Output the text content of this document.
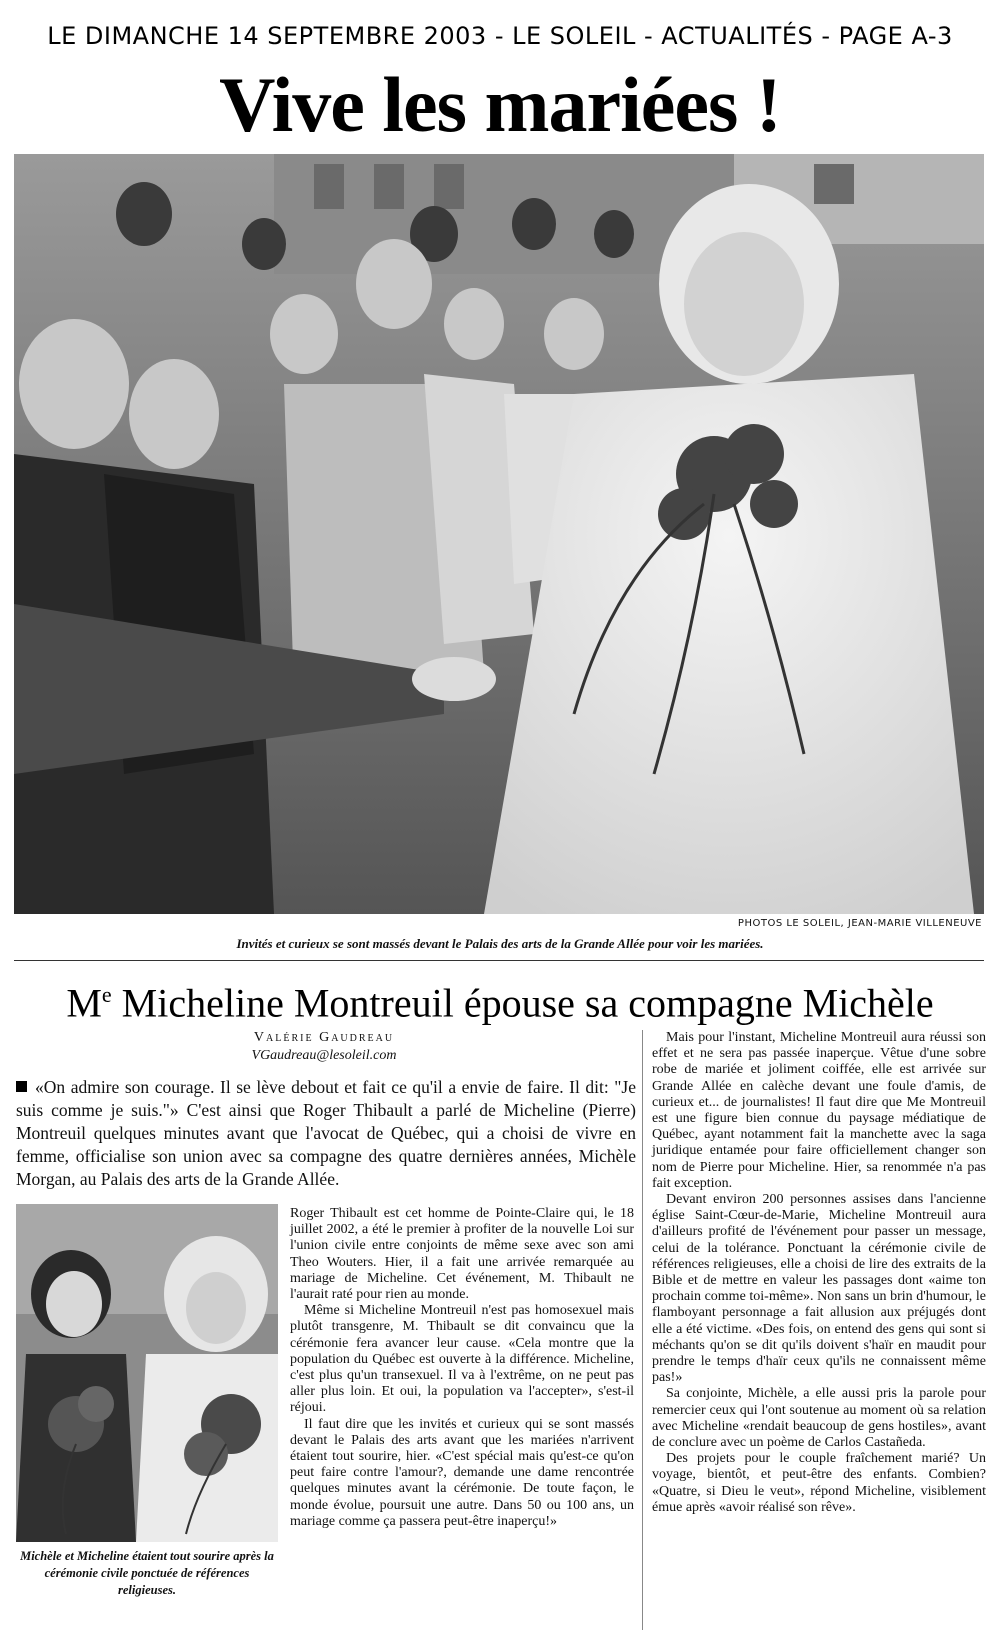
LE DIMANCHE 14 SEPTEMBRE 2003 - LE SOLEIL - ACTUALITÉS - PAGE A-3
Vive les mariées !
PHOTOS LE SOLEIL, JEAN-MARIE VILLENEUVE
Invités et curieux se sont massés devant le Palais des arts de la Grande Allée pour voir les mariées.
Me Micheline Montreuil épouse sa compagne Michèle
Valérie Gaudreau
VGaudreau@lesoleil.com
«On admire son courage. Il se lève debout et fait ce qu'il a envie de faire. Il dit: "Je suis comme je suis."» C'est ainsi que Roger Thibault a parlé de Micheline (Pierre) Montreuil quelques minutes avant que l'avocat de Québec, qui a choisi de vivre en femme, officialise son union avec sa compagne des quatre dernières années, Michèle Morgan, au Palais des arts de la Grande Allée.
Michèle et Micheline étaient tout sourire après la cérémonie civile ponctuée de références religieuses.

Roger Thibault est cet homme de Pointe-Claire qui, le 18 juillet 2002, a été le premier à profiter de la nouvelle Loi sur l'union civile entre conjoints de même sexe avec son ami Theo Wouters. Hier, il a fait une arrivée remarquée au mariage de Micheline. Cet événement, M. Thibault ne l'aurait raté pour rien au monde.

Même si Micheline Montreuil n'est pas homosexuel mais plutôt transgenre, M. Thibault se dit convaincu que la cérémonie fera avancer leur cause. «Cela montre que la population du Québec est ouverte à la différence. Micheline, c'est plus qu'un transexuel. Il va à l'extrême, on ne peut pas aller plus loin. Et oui, la population va l'accepter», s'est-il réjoui.

Il faut dire que les invités et curieux qui se sont massés devant le Palais des arts avant que les mariées n'arrivent étaient tout sourire, hier. «C'est spécial mais qu'est-ce qu'on peut faire contre l'amour?, demande une dame rencontrée quelques minutes avant la cérémonie. De toute façon, le monde évolue, poursuit une autre. Dans 50 ou 100 ans, un mariage comme ça passera peut-être inaperçu!»

Mais pour l'instant, Micheline Montreuil aura réussi son effet et ne sera pas passée inaperçue. Vêtue d'une sobre robe de mariée et joliment coiffée, elle est arrivée sur Grande Allée en calèche devant une foule d'amis, de curieux et... de journalistes! Il faut dire que Me Montreuil est une figure bien connue du paysage médiatique de Québec, ayant notamment fait la manchette avec la saga juridique entamée pour faire officiellement changer son nom de Pierre pour Micheline. Hier, sa renommée n'a pas fait exception.

Devant environ 200 personnes assises dans l'ancienne église Saint-Cœur-de-Marie, Micheline Montreuil aura d'ailleurs profité de l'événement pour passer un message, celui de la tolérance. Ponctuant la cérémonie civile de références religieuses, elle a choisi de lire des extraits de la Bible et de mettre en valeur les passages dont «aime ton prochain comme toi-même». Non sans un brin d'humour, le flamboyant personnage a fait allusion aux préjugés dont elle a été victime. «Des fois, on entend des gens qui sont si méchants qu'on se dit qu'ils doivent s'haïr en maudit pour prendre le temps d'haïr ceux qu'ils ne connaissent même pas!»

Sa conjointe, Michèle, a elle aussi pris la parole pour remercier ceux qui l'ont soutenue au moment où sa relation avec Micheline «rendait beaucoup de gens hostiles», avant de conclure avec un poème de Carlos Castañeda.

Des projets pour le couple fraîchement marié? Un voyage, bientôt, et peut-être des enfants. Combien? «Quatre, si Dieu le veut», répond Micheline, visiblement émue après «avoir réalisé son rêve».
